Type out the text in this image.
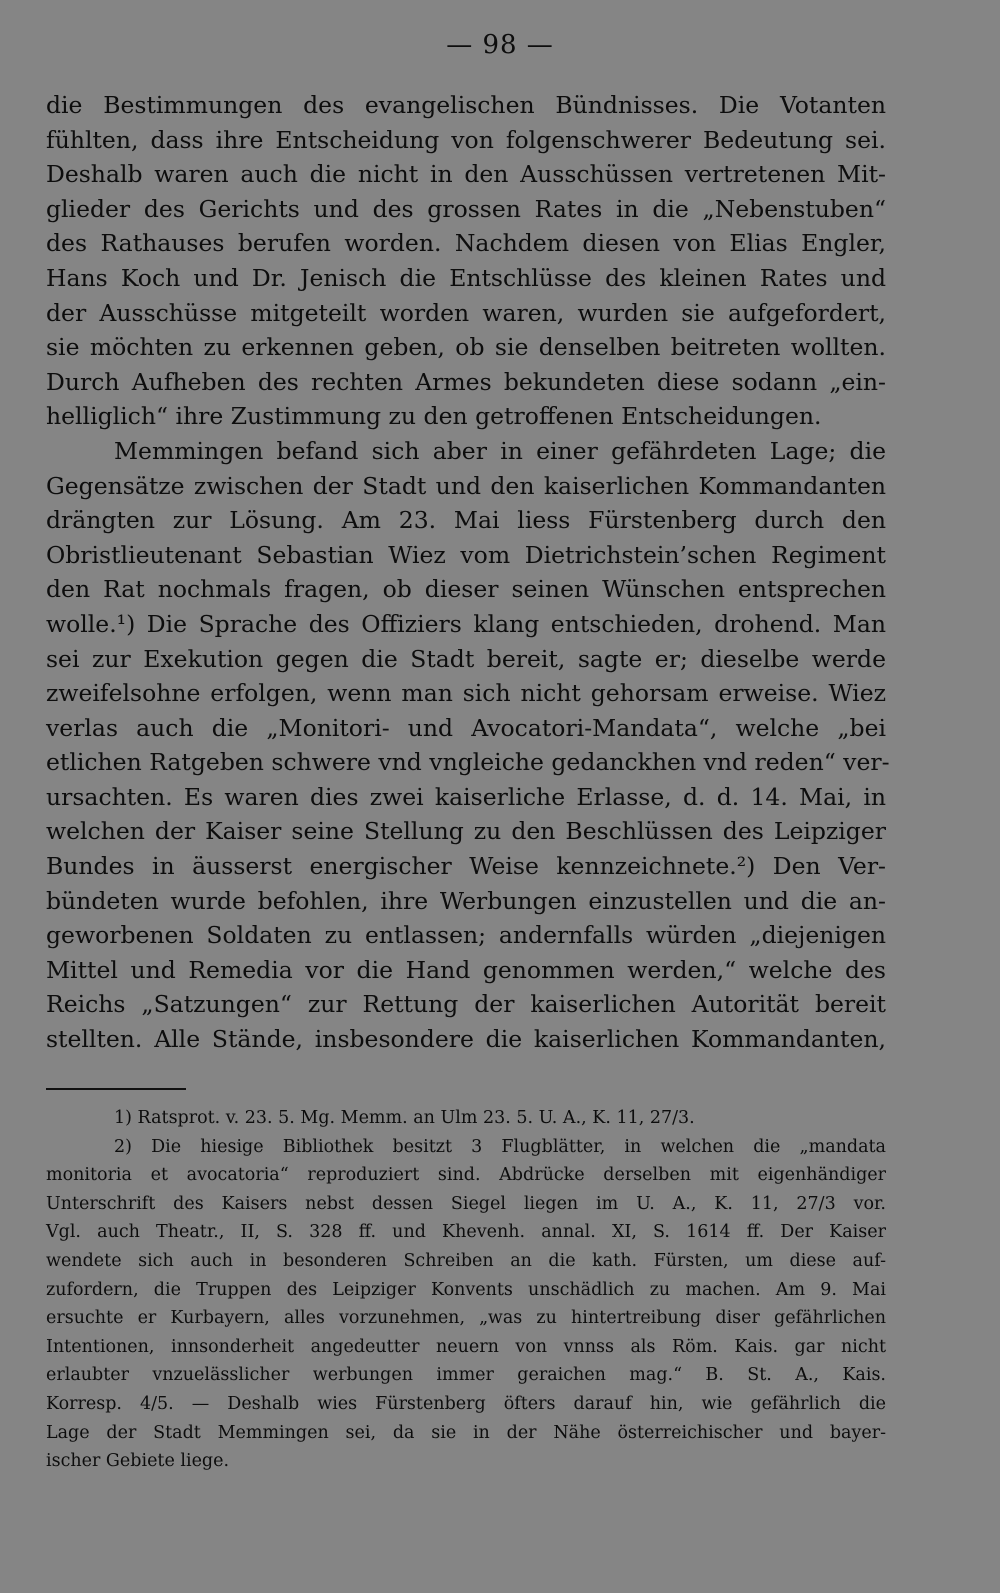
— 98 —
die Bestimmungen des evangelischen Bündnisses. Die Votanten
fühlten, dass ihre Entscheidung von folgenschwerer Bedeutung sei.
Deshalb waren auch die nicht in den Ausschüssen vertretenen Mit-
glieder des Gerichts und des grossen Rates in die „Nebenstuben“
des Rathauses berufen worden. Nachdem diesen von Elias Engler,
Hans Koch und Dr. Jenisch die Entschlüsse des kleinen Rates und
der Ausschüsse mitgeteilt worden waren, wurden sie aufgefordert,
sie möchten zu erkennen geben, ob sie denselben beitreten wollten.
Durch Aufheben des rechten Armes bekundeten diese sodann „ein-
helliglich“ ihre Zustimmung zu den getroffenen Entscheidungen.
Memmingen befand sich aber in einer gefährdeten Lage; die
Gegensätze zwischen der Stadt und den kaiserlichen Kommandanten
drängten zur Lösung. Am 23. Mai liess Fürstenberg durch den
Obristlieutenant Sebastian Wiez vom Dietrichstein’schen Regiment
den Rat nochmals fragen, ob dieser seinen Wünschen entsprechen
wolle.¹) Die Sprache des Offiziers klang entschieden, drohend. Man
sei zur Exekution gegen die Stadt bereit, sagte er; dieselbe werde
zweifelsohne erfolgen, wenn man sich nicht gehorsam erweise. Wiez
verlas auch die „Monitori- und Avocatori-Mandata“, welche „bei
etlichen Ratgeben schwere vnd vngleiche gedanckhen vnd reden“ ver-
ursachten. Es waren dies zwei kaiserliche Erlasse, d. d. 14. Mai, in
welchen der Kaiser seine Stellung zu den Beschlüssen des Leipziger
Bundes in äusserst energischer Weise kennzeichnete.²) Den Ver-
bündeten wurde befohlen, ihre Werbungen einzustellen und die an-
geworbenen Soldaten zu entlassen; andernfalls würden „diejenigen
Mittel und Remedia vor die Hand genommen werden,“ welche des
Reichs „Satzungen“ zur Rettung der kaiserlichen Autorität bereit
stellten. Alle Stände, insbesondere die kaiserlichen Kommandanten,
1) Ratsprot. v. 23. 5. Mg. Memm. an Ulm 23. 5. U. A., K. 11, 27/3.
2) Die hiesige Bibliothek besitzt 3 Flugblätter, in welchen die „mandata
monitoria et avocatoria“ reproduziert sind. Abdrücke derselben mit eigenhändiger
Unterschrift des Kaisers nebst dessen Siegel liegen im U. A., K. 11, 27/3 vor.
Vgl. auch Theatr., II, S. 328 ff. und Khevenh. annal. XI, S. 1614 ff. Der Kaiser
wendete sich auch in besonderen Schreiben an die kath. Fürsten, um diese auf-
zufordern, die Truppen des Leipziger Konvents unschädlich zu machen. Am 9. Mai
ersuchte er Kurbayern, alles vorzunehmen, „was zu hintertreibung diser gefährlichen
Intentionen, innsonderheit angedeutter neuern von vnnss als Röm. Kais. gar nicht
erlaubter vnzuelässlicher werbungen immer geraichen mag.“ B. St. A., Kais.
Korresp. 4/5. — Deshalb wies Fürstenberg öfters darauf hin, wie gefährlich die
Lage der Stadt Memmingen sei, da sie in der Nähe österreichischer und bayer-
ischer Gebiete liege.
